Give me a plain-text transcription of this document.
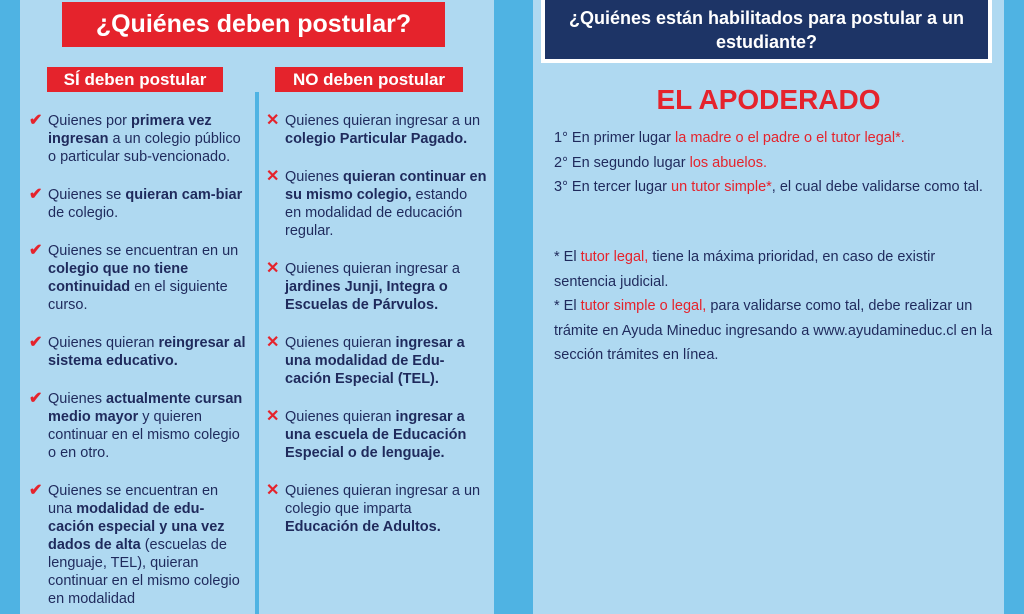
¿Quiénes deben postular?
SÍ deben postular	NO deben postular
✔ Quienes por primera vez ingresan a un colegio público o particular sub-vencionado.
✔ Quienes se quieran cam-biar de colegio.
✔ Quienes se encuentran en un colegio que no tiene continuidad en el siguiente curso.
✔ Quienes quieran reingresar al sistema educativo.
✔ Quienes actualmente cursan medio mayor y quieren continuar en el mismo colegio o en otro.
✔ Quienes se encuentran en una modalidad de edu-cación especial y una vez dados de alta (escuelas de lenguaje, TEL), quieran continuar en el mismo colegio en modalidad
✕ Quienes quieran ingresar a un colegio Particular Pagado.
✕ Quienes quieran continuar en su mismo colegio, estando en modalidad de educación regular.
✕ Quienes quieran ingresar a jardines Junji, Integra o Escuelas de Párvulos.
✕ Quienes quieran ingresar a una modalidad de Edu-cación Especial (TEL).
✕ Quienes quieran ingresar a una escuela de Educación Especial o de lenguaje.
✕ Quienes quieran ingresar a un colegio que imparta Educación de Adultos.
¿Quiénes están habilitados para postular a un estudiante?
EL APODERADO
1° En primer lugar la madre o el padre o el tutor legal*.
2° En segundo lugar los abuelos.
3° En tercer lugar un tutor simple*, el cual debe validarse como tal.
* El tutor legal, tiene la máxima prioridad, en caso de existir sentencia judicial.
* El tutor simple o legal, para validarse como tal, debe realizar un trámite en Ayuda Mineduc ingresando a www.ayudamineduc.cl en la sección trámites en línea.
